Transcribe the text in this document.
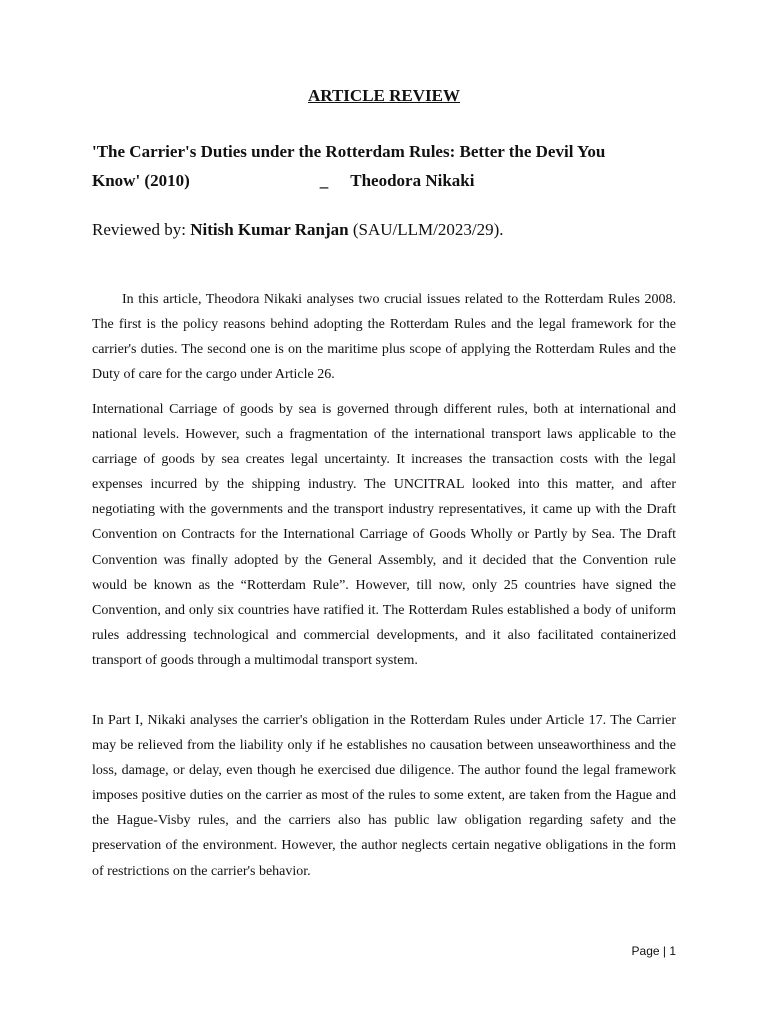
ARTICLE REVIEW
'The Carrier's Duties under the Rotterdam Rules: Better the Devil You
Know' (2010)	_ Theodora Nikaki
Reviewed by: Nitish Kumar Ranjan (SAU/LLM/2023/29).

In this article, Theodora Nikaki analyses two crucial issues related to the Rotterdam Rules 2008. The first is the policy reasons behind adopting the Rotterdam Rules and the legal framework for the carrier's duties. The second one is on the maritime plus scope of applying the Rotterdam Rules and the Duty of care for the cargo under Article 26.

International Carriage of goods by sea is governed through different rules, both at international and national levels. However, such a fragmentation of the international transport laws applicable to the carriage of goods by sea creates legal uncertainty. It increases the transaction costs with the legal expenses incurred by the shipping industry. The UNCITRAL looked into this matter, and after negotiating with the governments and the transport industry representatives, it came up with the Draft Convention on Contracts for the International Carriage of Goods Wholly or Partly by Sea. The Draft Convention was finally adopted by the General Assembly, and it decided that the Convention rule would be known as the “Rotterdam Rule”. However, till now, only 25 countries have signed the Convention, and only six countries have ratified it. The Rotterdam Rules established a body of uniform rules addressing technological and commercial developments, and it also facilitated containerized transport of goods through a multimodal transport system.

In Part I, Nikaki analyses the carrier's obligation in the Rotterdam Rules under Article 17. The Carrier may be relieved from the liability only if he establishes no causation between unseaworthiness and the loss, damage, or delay, even though he exercised due diligence. The author found the legal framework imposes positive duties on the carrier as most of the rules to some extent, are taken from the Hague and the Hague-Visby rules, and the carriers also has public law obligation regarding safety and the preservation of the environment. However, the author neglects certain negative obligations in the form of restrictions on the carrier's behavior.

Page | 1
